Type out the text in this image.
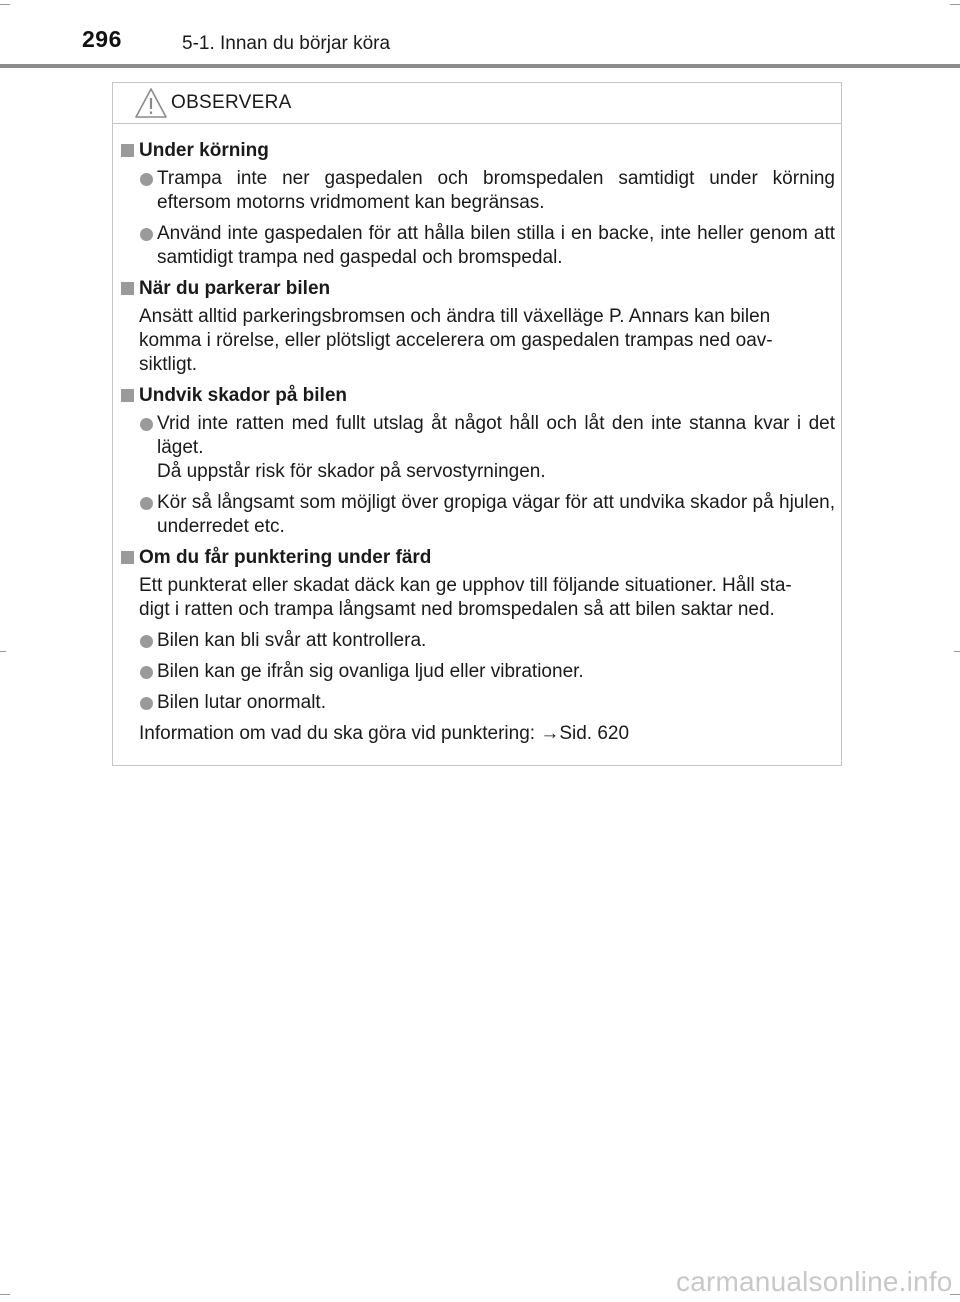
296	5-1. Innan du börjar köra
OBSERVERA
Under körning
Trampa inte ner gaspedalen och bromspedalen samtidigt under körning eftersom motorns vridmoment kan begränsas.
Använd inte gaspedalen för att hålla bilen stilla i en backe, inte heller genom att samtidigt trampa ned gaspedal och bromspedal.
När du parkerar bilen
Ansätt alltid parkeringsbromsen och ändra till växelläge P. Annars kan bilen
komma i rörelse, eller plötsligt accelerera om gaspedalen trampas ned oav-
siktligt.
Undvik skador på bilen
Vrid inte ratten med fullt utslag åt något håll och låt den inte stanna kvar i det läget.
Då uppstår risk för skador på servostyrningen.
Kör så långsamt som möjligt över gropiga vägar för att undvika skador på hjulen, underredet etc.
Om du får punktering under färd
Ett punkterat eller skadat däck kan ge upphov till följande situationer. Håll sta-
digt i ratten och trampa långsamt ned bromspedalen så att bilen saktar ned.
Bilen kan bli svår att kontrollera.
Bilen kan ge ifrån sig ovanliga ljud eller vibrationer.
Bilen lutar onormalt.
Information om vad du ska göra vid punktering: →Sid. 620
carmanualsonline.info
